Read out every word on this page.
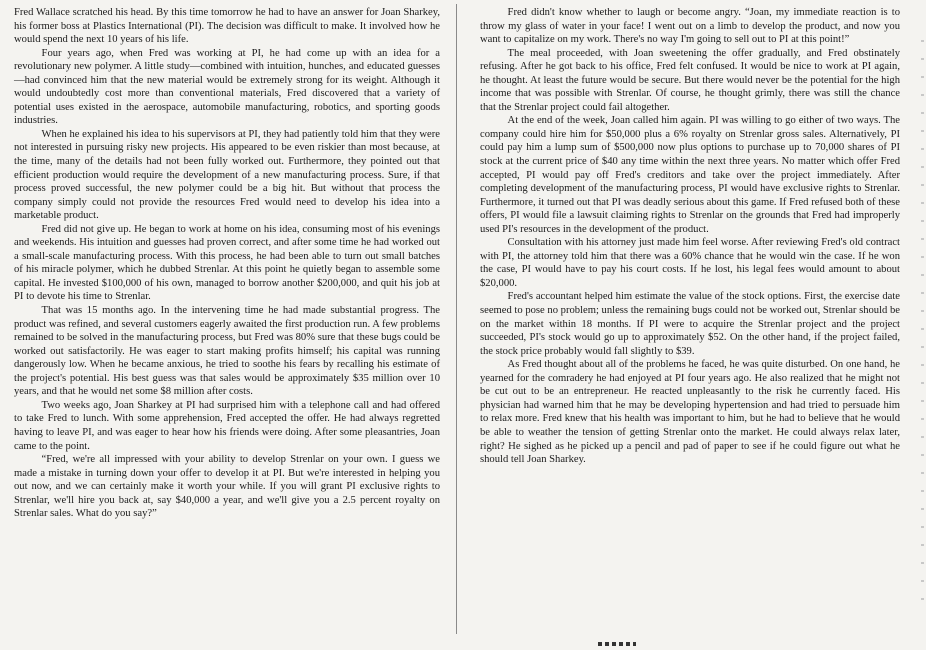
Fred Wallace scratched his head. By this time tomorrow he had to have an answer for Joan Sharkey, his former boss at Plastics International (PI). The decision was difficult to make. It involved how he would spend the next 10 years of his life.

Four years ago, when Fred was working at PI, he had come up with an idea for a revolutionary new polymer. A little study—combined with intuition, hunches, and educated guesses—had convinced him that the new material would be extremely strong for its weight. Although it would undoubtedly cost more than conventional materials, Fred discovered that a variety of potential uses existed in the aerospace, automobile manufacturing, robotics, and sporting goods industries.

When he explained his idea to his supervisors at PI, they had patiently told him that they were not interested in pursuing risky new projects. His appeared to be even riskier than most because, at the time, many of the details had not been fully worked out. Furthermore, they pointed out that efficient production would require the development of a new manufacturing process. Sure, if that process proved successful, the new polymer could be a big hit. But without that process the company simply could not provide the resources Fred would need to develop his idea into a marketable product.

Fred did not give up. He began to work at home on his idea, consuming most of his evenings and weekends. His intuition and guesses had proven correct, and after some time he had worked out a small-scale manufacturing process. With this process, he had been able to turn out small batches of his miracle polymer, which he dubbed Strenlar. At this point he quietly began to assemble some capital. He invested $100,000 of his own, managed to borrow another $200,000, and quit his job at PI to devote his time to Strenlar.

That was 15 months ago. In the intervening time he had made substantial progress. The product was refined, and several customers eagerly awaited the first production run. A few problems remained to be solved in the manufacturing process, but Fred was 80% sure that these bugs could be worked out satisfactorily. He was eager to start making profits himself; his capital was running dangerously low. When he became anxious, he tried to soothe his fears by recalling his estimate of the project's potential. His best guess was that sales would be approximately $35 million over 10 years, and that he would net some $8 million after costs.

Two weeks ago, Joan Sharkey at PI had surprised him with a telephone call and had offered to take Fred to lunch. With some apprehension, Fred accepted the offer. He had always regretted having to leave PI, and was eager to hear how his friends were doing. After some pleasantries, Joan came to the point.

“Fred, we're all impressed with your ability to develop Strenlar on your own. I guess we made a mistake in turning down your offer to develop it at PI. But we're interested in helping you out now, and we can certainly make it worth your while. If you will grant PI exclusive rights to Strenlar, we'll hire you back at, say $40,000 a year, and we'll give you a 2.5 percent royalty on Strenlar sales. What do you say?”

Fred didn't know whether to laugh or become angry. “Joan, my immediate reaction is to throw my glass of water in your face! I went out on a limb to develop the product, and now you want to capitalize on my work. There's no way I'm going to sell out to PI at this point!”

The meal proceeded, with Joan sweetening the offer gradually, and Fred obstinately refusing. After he got back to his office, Fred felt confused. It would be nice to work at PI again, he thought. At least the future would be secure. But there would never be the potential for the high income that was possible with Strenlar. Of course, he thought grimly, there was still the chance that the Strenlar project could fail altogether.

At the end of the week, Joan called him again. PI was willing to go either of two ways. The company could hire him for $50,000 plus a 6% royalty on Strenlar gross sales. Alternatively, PI could pay him a lump sum of $500,000 now plus options to purchase up to 70,000 shares of PI stock at the current price of $40 any time within the next three years. No matter which offer Fred accepted, PI would pay off Fred's creditors and take over the project immediately. After completing development of the manufacturing process, PI would have exclusive rights to Strenlar. Furthermore, it turned out that PI was deadly serious about this game. If Fred refused both of these offers, PI would file a lawsuit claiming rights to Strenlar on the grounds that Fred had improperly used PI's resources in the development of the product.

Consultation with his attorney just made him feel worse. After reviewing Fred's old contract with PI, the attorney told him that there was a 60% chance that he would win the case. If he won the case, PI would have to pay his court costs. If he lost, his legal fees would amount to about $20,000.

Fred's accountant helped him estimate the value of the stock options. First, the exercise date seemed to pose no problem; unless the remaining bugs could not be worked out, Strenlar should be on the market within 18 months. If PI were to acquire the Strenlar project and the project succeeded, PI's stock would go up to approximately $52. On the other hand, if the project failed, the stock price probably would fall slightly to $39.

As Fred thought about all of the problems he faced, he was quite disturbed. On one hand, he yearned for the comradery he had enjoyed at PI four years ago. He also realized that he might not be cut out to be an entrepreneur. He reacted unpleasantly to the risk he currently faced. His physician had warned him that he may be developing hypertension and had tried to persuade him to relax more. Fred knew that his health was important to him, but he had to believe that he would be able to weather the tension of getting Strenlar onto the market. He could always relax later, right? He sighed as he picked up a pencil and pad of paper to see if he could figure out what he should tell Joan Sharkey.
